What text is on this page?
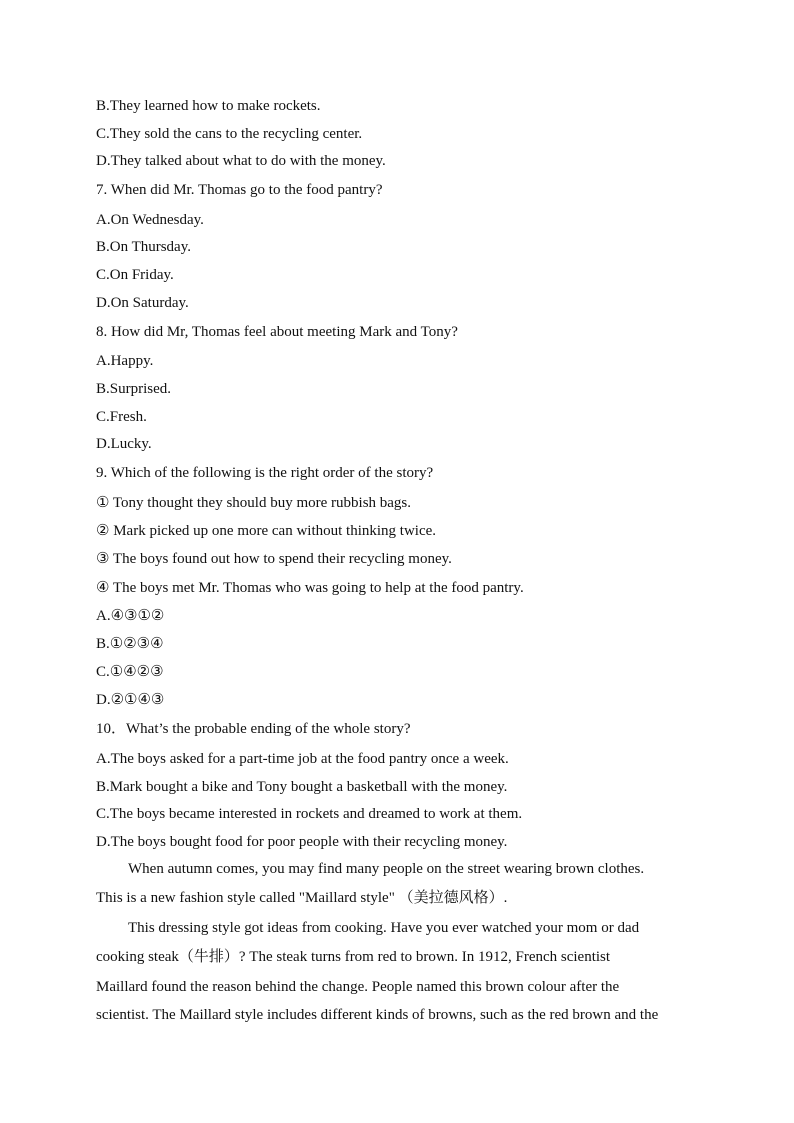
B.They learned how to make rockets.
C.They sold the cans to the recycling center.
D.They talked about what to do with the money.
7. When did Mr. Thomas go to the food pantry?
A.On Wednesday.
B.On Thursday.
C.On Friday.
D.On Saturday.
8. How did Mr, Thomas feel about meeting Mark and Tony?
A.Happy.
B.Surprised.
C.Fresh.
D.Lucky.
9. Which of the following is the right order of the story?
① Tony thought they should buy more rubbish bags.
② Mark picked up one more can without thinking twice.
③ The boys found out how to spend their recycling money.
④ The boys met Mr. Thomas who was going to help at the food pantry.
A.④③①②
B.①②③④
C.①④②③
D.②①④③
10．What’s the probable ending of the whole story?
A.The boys asked for a part-time job at the food pantry once a week.
B.Mark bought a bike and Tony bought a basketball with the money.
C.The boys became interested in rockets and dreamed to work at them.
D.The boys bought food for poor people with their recycling money.
When autumn comes, you may find many people on the street wearing brown clothes.
This is a new fashion style called "Maillard style" （美拉德风格）.
This dressing style got ideas from cooking. Have you ever watched your mom or dad
cooking steak（牛排）? The steak turns from red to brown. In 1912, French scientist
Maillard found the reason behind the change. People named this brown colour after the
scientist. The Maillard style includes different kinds of browns, such as the red brown and the
